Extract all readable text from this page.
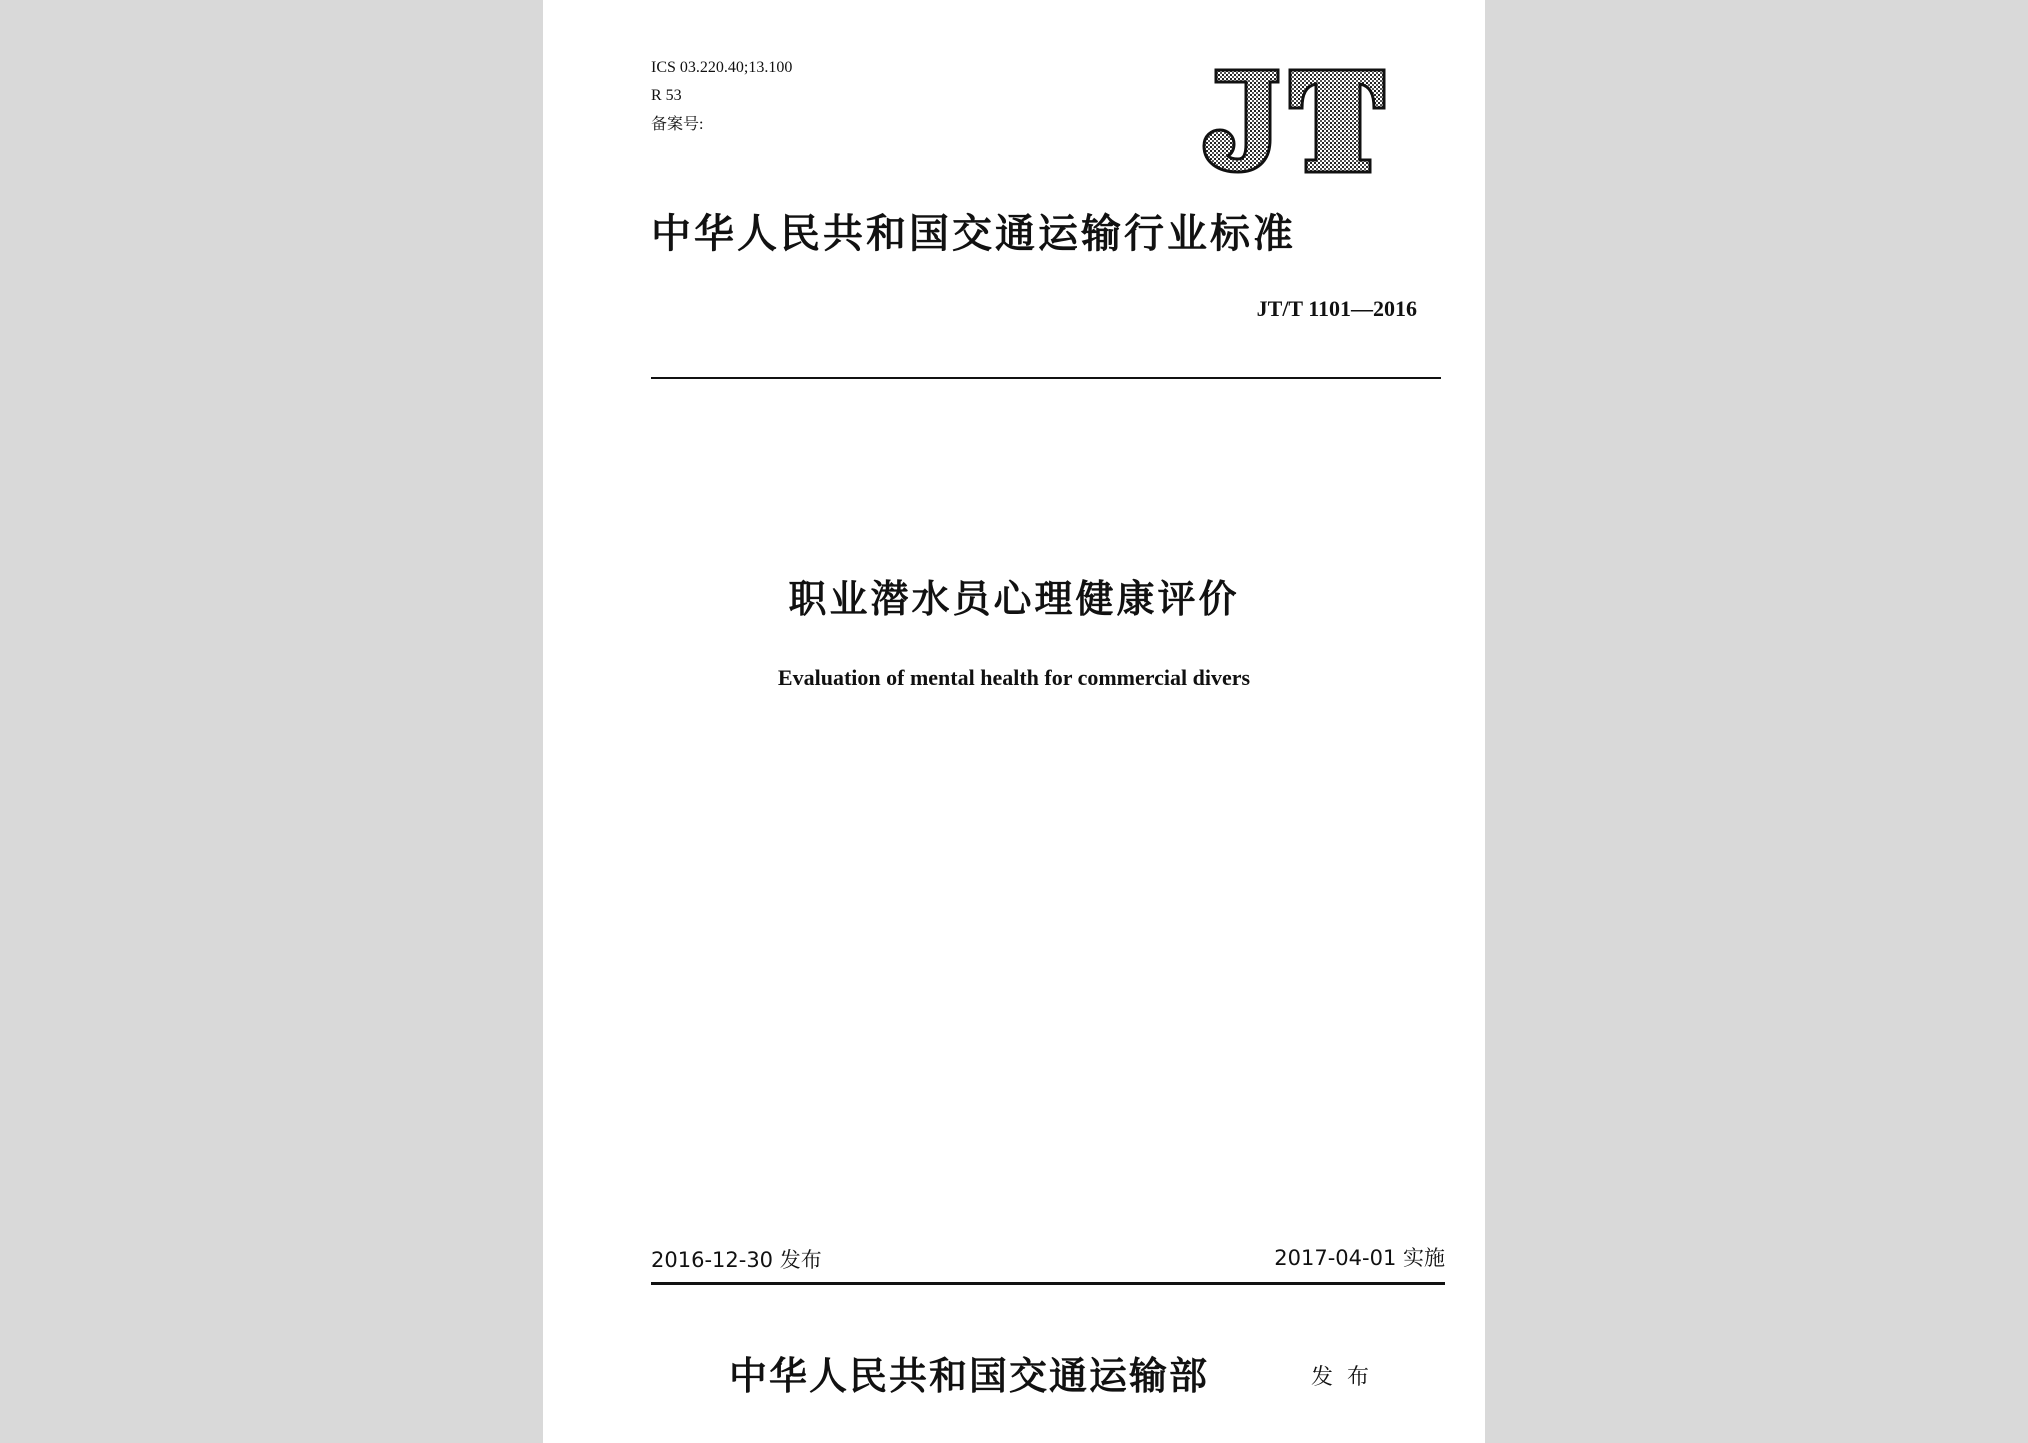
ICS 03.220.40;13.100
R 53
备案号:
中华人民共和国交通运输行业标准
JT/T 1101—2016
职业潜水员心理健康评价
Evaluation of mental health for commercial divers
2016-12-30 发布	2017-04-01 实施
中华人民共和国交通运输部	发布
